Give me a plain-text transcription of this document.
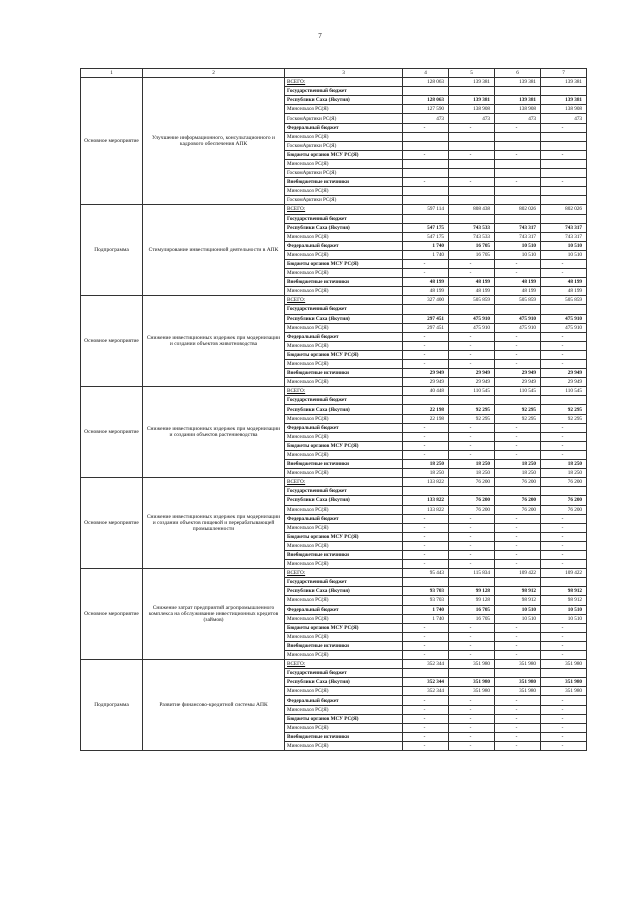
7
1	2	3	4	5	6	7
Основное мероприятие	Улучшение информационного, консультационного и кадрового обеспечения АПК	ВСЕГО:	128 063	139 381	139 381	139 381
		Государственный бюджет				
		Республики Саха (Якутия)	128 063	139 381	139 381	139 381
		Минсельхоз РС(Я)	127 590	138 908	138 908	138 908
		ГоскомАрктики РС(Я)	473	473	473	473
		Федеральный бюджет	-	-	-	-
		Минсельхоз РС(Я)				
		ГоскомАрктики РС(Я)				
		Бюджеты органов МСУ РС(Я)	-	-	-	-
		Минсельхоз РС(Я)				
		ГоскомАрктики РС(Я)				
		Внебюджетные источники	-	-	-	-
		Минсельхоз РС(Я)				
		ГоскомАрктики РС(Я)				
Подпрограмма	Стимулирование инвестиционной деятельности в АПК	ВСЕГО:	597 114	808 438	802 026	802 026
		Государственный бюджет				
		Республики Саха (Якутия)	547 175	743 533	743 317	743 317
		Минсельхоз РС(Я)	547 175	743 533	743 317	743 317
		Федеральный бюджет	1 740	16 705	10 510	10 510
		Минсельхоз РС(Я)	1 740	16 705	10 510	10 510
		Бюджеты органов МСУ РС(Я)	-	-	-	-
		Минсельхоз РС(Я)	-	-	-	-
		Внебюджетные источники	48 199	48 199	48 199	48 199
		Минсельхоз РС(Я)	48 199	48 199	48 199	48 199
Основное мероприятие	Снижение инвестиционных издержек при модернизации и создании объектов животноводства	ВСЕГО:	327 400	505 859	505 859	505 859
		Государственный бюджет				
		Республики Саха (Якутия)	297 451	475 910	475 910	475 910
		Минсельхоз РС(Я)	297 451	475 910	475 910	475 910
		Федеральный бюджет	-	-	-	-
		Минсельхоз РС(Я)	-	-	-	-
		Бюджеты органов МСУ РС(Я)	-	-	-	-
		Минсельхоз РС(Я)	-	-	-	-
		Внебюджетные источники	29 949	29 949	29 949	29 949
		Минсельхоз РС(Я)	29 949	29 949	29 949	29 949
Основное мероприятие	Снижение инвестиционных издержек при модернизации и создании объектов растениеводства	ВСЕГО:	40 448	110 545	110 545	110 545
		Государственный бюджет				
		Республики Саха (Якутия)	22 198	92 295	92 295	92 295
		Минсельхоз РС(Я)	22 198	92 295	92 295	92 295
		Федеральный бюджет	-	-	-	-
		Минсельхоз РС(Я)	-	-	-	-
		Бюджеты органов МСУ РС(Я)	-	-	-	-
		Минсельхоз РС(Я)	-	-	-	-
		Внебюджетные источники	18 250	18 250	18 250	18 250
		Минсельхоз РС(Я)	18 250	18 250	18 250	18 250
Основное мероприятие	Снижение инвестиционных издержек при модернизации и создании объектов пищевой и перерабатывающей промышленности	ВСЕГО:	133 822	76 200	76 200	76 200
		Государственный бюджет				
		Республики Саха (Якутия)	133 822	76 200	76 200	76 200
		Минсельхоз РС(Я)	133 822	76 200	76 200	76 200
		Федеральный бюджет	-	-	-	-
		Минсельхоз РС(Я)	-	-	-	-
		Бюджеты органов МСУ РС(Я)	-	-	-	-
		Минсельхоз РС(Я)	-	-	-	-
		Внебюджетные источники	-	-	-	-
		Минсельхоз РС(Я)	-	-	-	-
Основное мероприятие	Снижение затрат предприятий агропромышленного комплекса на обслуживание инвестиционных кредитов (займов)	ВСЕГО:	95 443	115 834	109 422	109 422
		Государственный бюджет				
		Республики Саха (Якутия)	93 703	99 128	98 912	98 912
		Минсельхоз РС(Я)	93 703	99 128	98 912	98 912
		Федеральный бюджет	1 740	16 705	10 510	10 510
		Минсельхоз РС(Я)	1 740	16 705	10 510	10 510
		Бюджеты органов МСУ РС(Я)	-	-	-	-
		Минсельхоз РС(Я)	-	-	-	-
		Внебюджетные источники	-	-	-	-
		Минсельхоз РС(Я)	-	-	-	-
Подпрограмма	Развитие финансово-кредитной системы АПК	ВСЕГО:	352 344	351 980	351 980	351 980
		Государственный бюджет				
		Республики Саха (Якутия)	352 344	351 980	351 980	351 980
		Минсельхоз РС(Я)	352 344	351 980	351 980	351 980
		Федеральный бюджет	-	-	-	-
		Минсельхоз РС(Я)	-	-	-	-
		Бюджеты органов МСУ РС(Я)	-	-	-	-
		Минсельхоз РС(Я)	-	-	-	-
		Внебюджетные источники	-	-	-	-
		Минсельхоз РС(Я)	-	-	-	-
